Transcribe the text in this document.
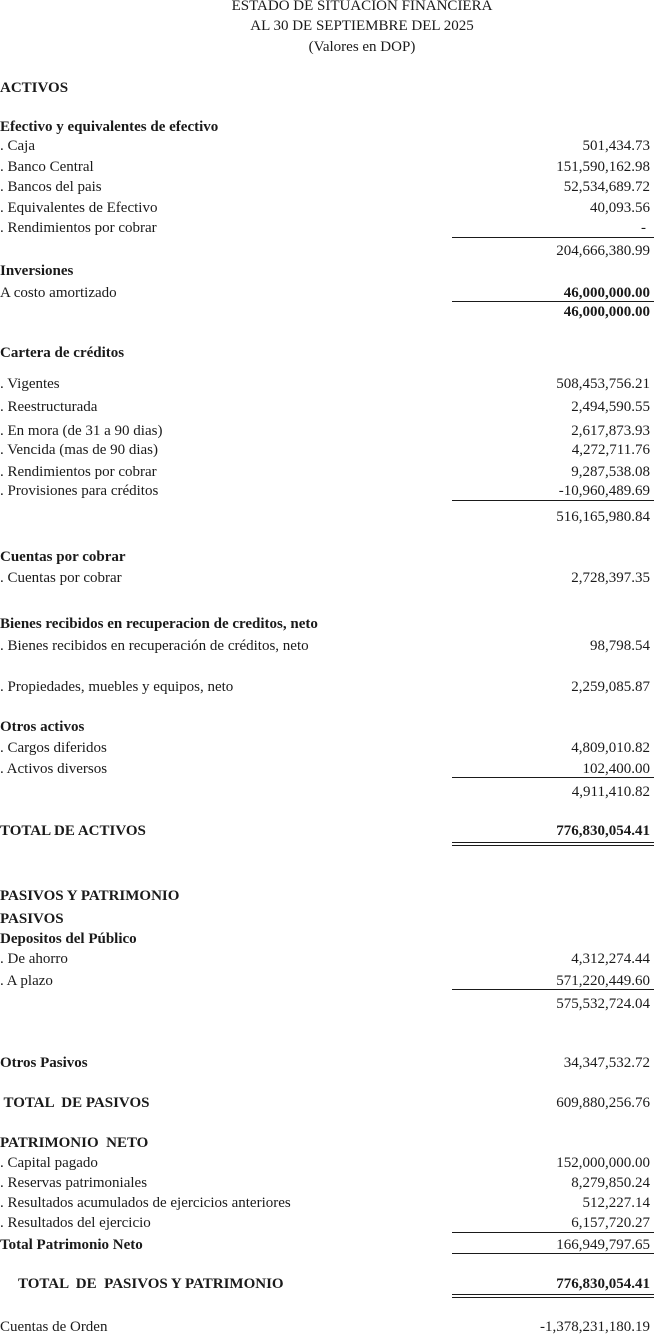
ESTADO DE SITUACION FINANCIERA
AL 30 DE SEPTIEMBRE DEL 2025
(Valores en DOP)
ACTIVOS
Efectivo y equivalentes de efectivo
. Caja	501,434.73
. Banco Central	151,590,162.98
. Bancos del pais	52,534,689.72
. Equivalentes de Efectivo	40,093.56
. Rendimientos por cobrar	-
204,666,380.99
Inversiones
A costo amortizado	46,000,000.00
46,000,000.00
Cartera de créditos
. Vigentes	508,453,756.21
. Reestructurada	2,494,590.55
. En mora (de 31 a 90 dias)	2,617,873.93
. Vencida (mas de 90 dias)	4,272,711.76
. Rendimientos por cobrar	9,287,538.08
. Provisiones para créditos	-10,960,489.69
516,165,980.84
Cuentas por cobrar
. Cuentas por cobrar	2,728,397.35
Bienes recibidos en recuperacion de creditos, neto
. Bienes recibidos en recuperación de créditos, neto	98,798.54
. Propiedades, muebles y equipos, neto	2,259,085.87
Otros activos
. Cargos diferidos	4,809,010.82
. Activos diversos	102,400.00
4,911,410.82
TOTAL DE ACTIVOS	776,830,054.41
PASIVOS Y PATRIMONIO
PASIVOS
Depositos del Público
. De ahorro	4,312,274.44
. A plazo	571,220,449.60
575,532,724.04
Otros Pasivos	34,347,532.72
TOTAL  DE PASIVOS	609,880,256.76
PATRIMONIO  NETO
. Capital pagado	152,000,000.00
. Reservas patrimoniales	8,279,850.24
. Resultados acumulados de ejercicios anteriores	512,227.14
. Resultados del ejercicio	6,157,720.27
Total Patrimonio Neto	166,949,797.65
TOTAL  DE  PASIVOS Y PATRIMONIO	776,830,054.41
Cuentas de Orden	-1,378,231,180.19
